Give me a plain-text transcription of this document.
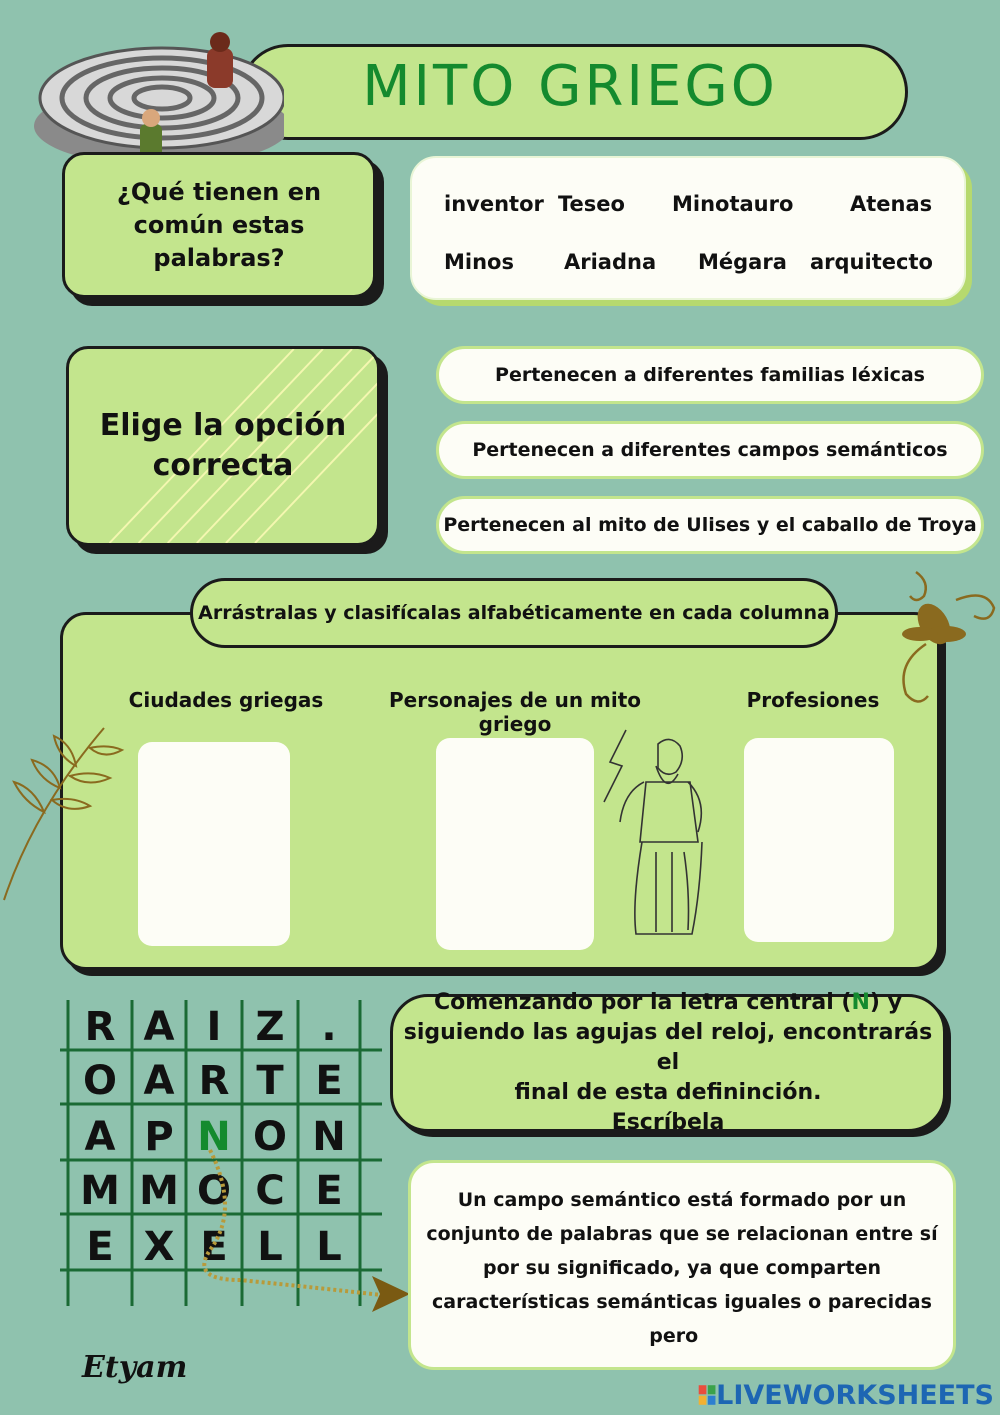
MITO GRIEGO
¿Qué tienen en común estas palabras?
inventor Teseo Minotauro	Atenas
Minos Ariadna Mégara arquitecto
Elige la opción correcta
Pertenecen a diferentes familias léxicas
Pertenecen a diferentes campos semánticos
Pertenecen al mito de Ulises y el caballo de Troya
Arrástralas y clasifícalas alfabéticamente en cada columna
Ciudades griegas	Personajes de un mito griego
Profesiones
R A I Z .
O A R T E
A P N O N
M M O C E
E X E L L
Comenzando por la letra central (N) y
siguiendo las agujas del reloj, encontrarás el
final de esta defininción.
Escríbela
Un campo semántico está formado por un conjunto de palabras que se relacionan entre sí por su significado, ya que comparten características semánticas iguales o parecidas
pero
Etyam
LIVEWORKSHEETS
